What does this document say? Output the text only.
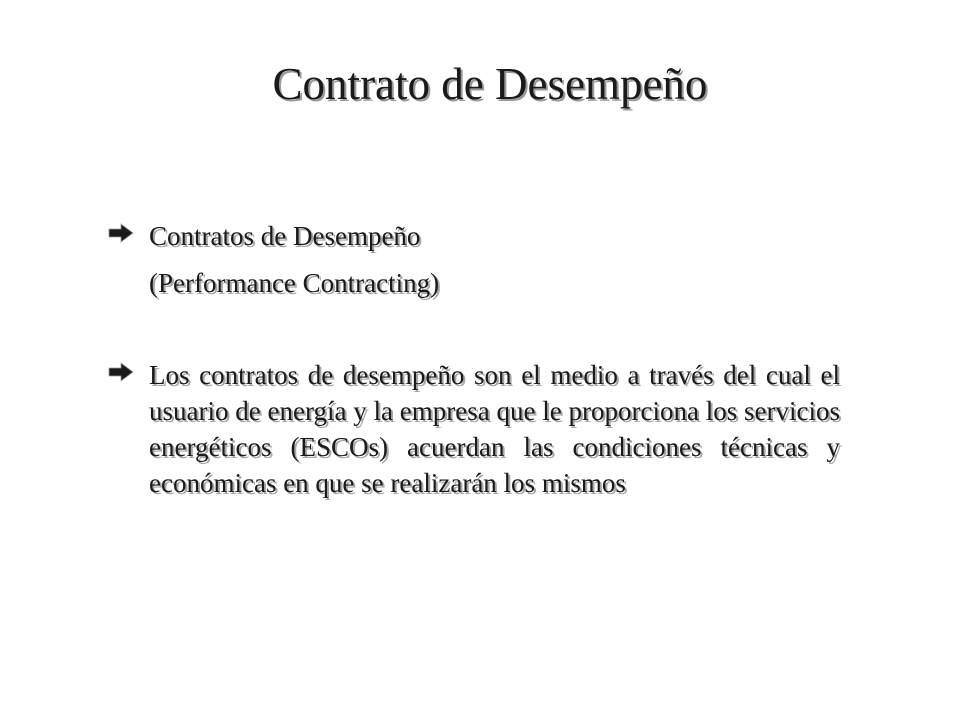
Contrato de Desempeño
Contratos de Desempeño
(Performance Contracting)
Los contratos de desempeño son el medio a través del cual el usuario de energía y la empresa que le proporciona los servicios energéticos (ESCOs) acuerdan las condiciones técnicas y económicas en que se realizarán los mismos
